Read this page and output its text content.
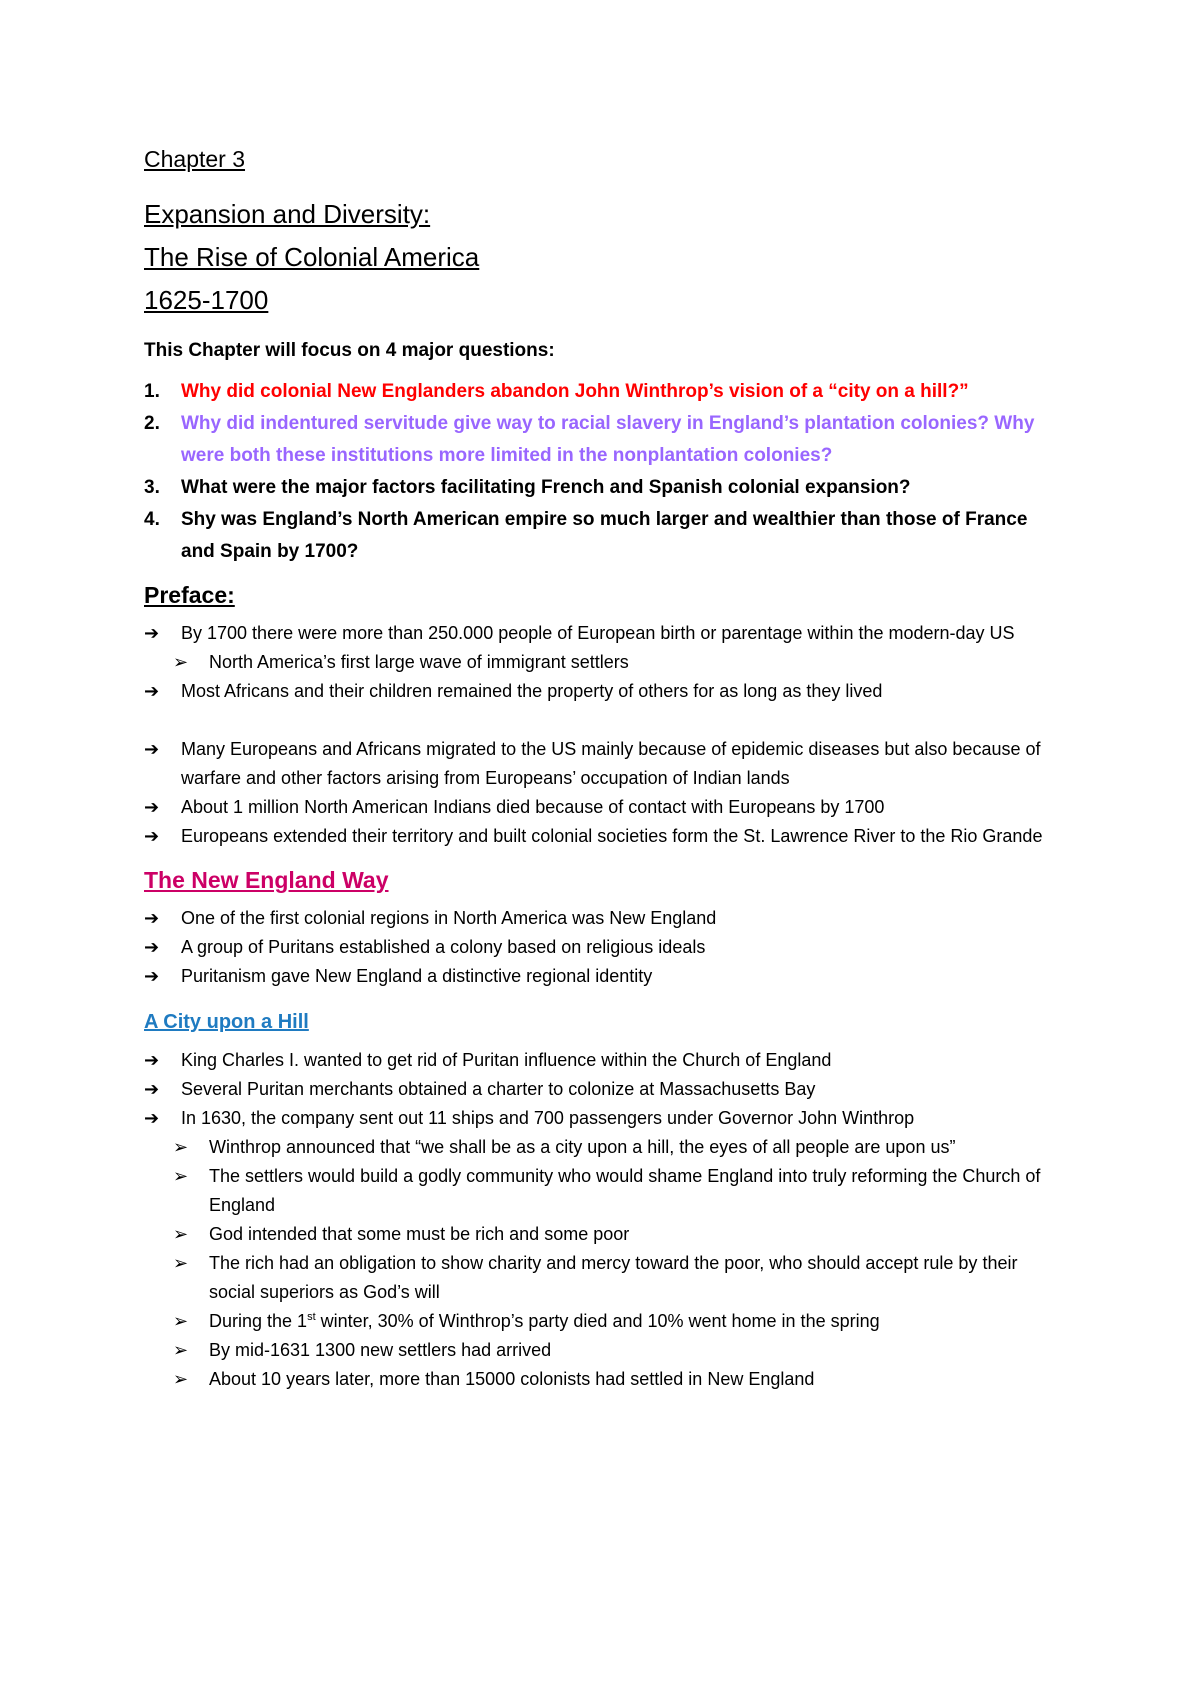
Chapter 3
Expansion and Diversity:
The Rise of Colonial America
1625-1700
This Chapter will focus on 4 major questions:
1. Why did colonial New Englanders abandon John Winthrop’s vision of a “city on a hill?”
2. Why did indentured servitude give way to racial slavery in England’s plantation colonies? Why were both these institutions more limited in the nonplantation colonies?
3. What were the major factors facilitating French and Spanish colonial expansion?
4. Shy was England’s North American empire so much larger and wealthier than those of France and Spain by 1700?
Preface:
➔ By 1700 there were more than 250.000 people of European birth or parentage within the modern-day US
➢ North America’s first large wave of immigrant settlers
➔ Most Africans and their children remained the property of others for as long as they lived
➔ Many Europeans and Africans migrated to the US mainly because of epidemic diseases but also because of warfare and other factors arising from Europeans’ occupation of Indian lands
➔ About 1 million North American Indians died because of contact with Europeans by 1700
➔ Europeans extended their territory and built colonial societies form the St. Lawrence River to the Rio Grande
The New England Way
➔ One of the first colonial regions in North America was New England
➔ A group of Puritans established a colony based on religious ideals
➔ Puritanism gave New England a distinctive regional identity
A City upon a Hill
➔ King Charles I. wanted to get rid of Puritan influence within the Church of England
➔ Several Puritan merchants obtained a charter to colonize at Massachusetts Bay
➔ In 1630, the company sent out 11 ships and 700 passengers under Governor John Winthrop
➢ Winthrop announced that “we shall be as a city upon a hill, the eyes of all people are upon us”
➢ The settlers would build a godly community who would shame England into truly reforming the Church of England
➢ God intended that some must be rich and some poor
➢ The rich had an obligation to show charity and mercy toward the poor, who should accept rule by their social superiors as God’s will
➢ During the 1st winter, 30% of Winthrop’s party died and 10% went home in the spring
➢ By mid-1631 1300 new settlers had arrived
➢ About 10 years later, more than 15000 colonists had settled in New England
